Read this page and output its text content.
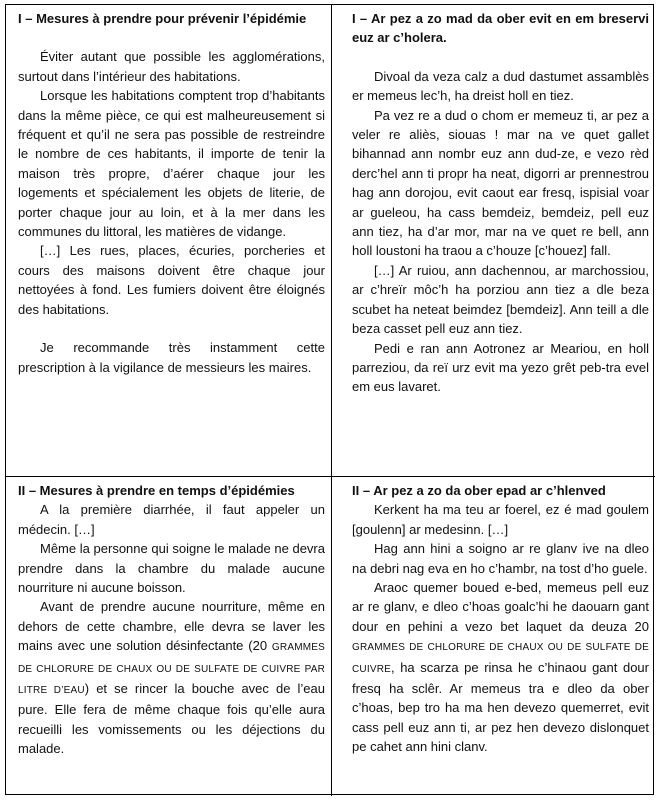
I – Mesures à prendre pour prévenir l’épidémie

Éviter autant que possible les agglomérations, surtout dans l’intérieur des habitations.

Lorsque les habitations comptent trop d’habitants dans la même pièce, ce qui est malheureusement si fréquent et qu’il ne sera pas possible de restreindre le nombre de ces habitants, il importe de tenir la maison très propre, d’aérer chaque jour les logements et spécialement les objets de literie, de porter chaque jour au loin, et à la mer dans les communes du littoral, les matières de vidange.

[…] Les rues, places, écuries, porcheries et cours des maisons doivent être chaque jour nettoyées à fond. Les fumiers doivent être éloignés des habitations.

Je recommande très instamment cette prescription à la vigilance de messieurs les maires.

I – Ar pez a zo mad da ober evit en em breservi euz ar c’holera.

Divoal da veza calz a dud dastumet assamblès er memeus lec’h, ha dreist holl en tiez.

Pa vez re a dud o chom er memeuz ti, ar pez a veler re aliès, siouas ! mar na ve quet gallet bihannad ann nombr euz ann dud-ze, e vezo rèd derc’hel ann ti propr ha neat, digorri ar prennestrou hag ann dorojou, evit caout ear fresq, ispisial voar ar gueleou, ha cass bemdeiz, bemdeiz, pell euz ann tiez, ha d’ar mor, mar na ve quet re bell, ann holl loustoni ha traou a c’houze [c’houez] fall.

[…] Ar ruiou, ann dachennou, ar marchossiou, ar c’hreïr môc’h ha porziou ann tiez a dle beza scubet ha neteat beimdez [bemdeiz]. Ann teill a dle beza casset pell euz ann tiez.

Pedi e ran ann Aotronez ar Meariou, en holl parreziou, da reï urz evit ma yezo grêt peb-tra evel em eus lavaret.

II – Mesures à prendre en temps d’épidémies

A la première diarrhée, il faut appeler un médecin. […]

Même la personne qui soigne le malade ne devra prendre dans la chambre du malade aucune nourriture ni aucune boisson.

Avant de prendre aucune nourriture, même en dehors de cette chambre, elle devra se laver les mains avec une solution désinfectante (20 GRAMMES DE CHLORURE DE CHAUX OU DE SULFATE DE CUIVRE PAR LITRE D’EAU) et se rincer la bouche avec de l’eau pure. Elle fera de même chaque fois qu’elle aura recueilli les vomissements ou les déjections du malade.

II – Ar pez a zo da ober epad ar c’hlenved

Kerkent ha ma teu ar foerel, ez é mad goulem [goulenn] ar medesinn. […]

Hag ann hini a soigno ar re glanv ive na dleo na debri nag eva en ho c’hambr, na tost d’ho guele.

Araoc quemer boued e-bed, memeus pell euz ar re glanv, e dleo c’hoas goalc’hi he daouarn gant dour en pehini a vezo bet laquet da deuza 20 GRAMMES DE CHLORURE DE CHAUX OU DE SULFATE DE CUIVRE, ha scarza pe rinsa he c’hinaou gant dour fresq ha sclêr. Ar memeus tra e dleo da ober c’hoas, bep tro ha ma hen devezo quemerret, evit cass pell euz ann ti, ar pez hen devezo dislonquet pe cahet ann hini clanv.
